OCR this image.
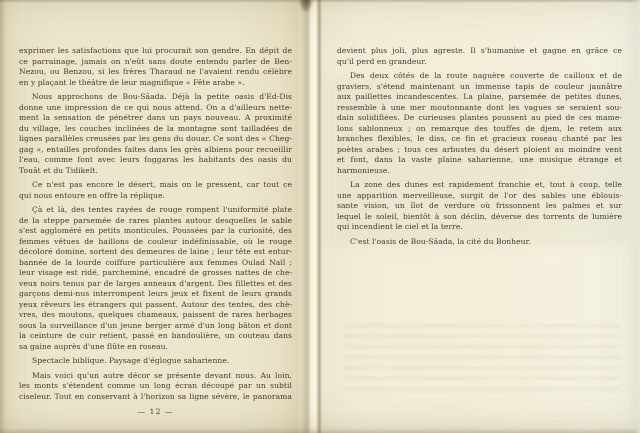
exprimer les satisfactions que lui procurait son gendre. En dépit de
ce parrainage, jamais on n'eût sans doute entendu parler de Ben-
Nezou, ou Benzou, si les frères Tharaud ne l'avaient rendu célèbre
en y plaçant le théâtre de leur magnifique « Fête arabe ».

Nous approchons de Bou-Sâada. Déjà la petite oasis d'Ed-Dis
donne une impression de ce qui nous attend. On a d'ailleurs nette-
ment la sensation de pénétrer dans un pays nouveau. A proximité
du village, les couches inclinées de la montagne sont tailladées de
lignes parallèles creusées par les gens du douar. Ce sont des « Cheg-
gag », entailles profondes faites dans les grès albiens pour recueillir
l'eau, comme font avec leurs foggaras les habitants des oasis du
Touât et du Tidikelt.

Ce n'est pas encore le désert, mais on le pressent, car tout ce
qui nous entoure en offre la réplique.

Çà et là, des tentes rayées de rouge rompent l'uniformité plate
de la steppe parsemée de rares plantes autour desquelles le sable
s'est aggloméré en petits monticules. Poussées par la curiosité, des
femmes vêtues de haillons de couleur indéfinissable, où le rouge
décoloré domine, sortent des demeures de laine ; leur tête est entur-
bannée de la lourde coiffure particulière aux femmes Oulad Naïl ;
leur visage est ridé, parcheminé, encadré de grosses nattes de che-
veux noirs tenus par de larges anneaux d'argent. Des fillettes et des
garçons demi-nus interrompent leurs jeux et fixent de leurs grands
yeux rêveurs les étrangers qui passent. Autour des tentes, des chè-
vres, des moutons, quelques chameaux, paissent de rares herbages
sous la surveillance d'un jeune berger armé d'un long bâton et dont
la ceinture de cuir retient, passé en bandoulière, un couteau dans
sa gaine auprès d'une flûte en roseau.

Spectacle biblique. Paysage d'églogue saharienne.

Mais voici qu'un autre décor se présente devant nous. Au loin,
les monts s'étendent comme un long écran découpé par un subtil
ciseleur. Tout en conservant à l'horizon sa ligne sévère, le panorama

— 12 —

devient plus joli, plus agreste. Il s'humanise et gagne en grâce ce
qu'il perd en grandeur.

Des deux côtés de la route naguère couverte de cailloux et de
graviers, s'étend maintenant un immense tapis de couleur jaunâtre
aux paillettes incandescentes. La plaine, parsemée de petites dunes,
ressemble à une mer moutonnante dont les vagues se seraient sou-
dain solidifiées. De curieuses plantes poussent au pied de ces mame-
lons sablonneux ; on remarque des touffes de djem, le retem aux
branches flexibles, le diss, ce fin et gracieux roseau chanté par les
poètes arabes ; tous ces arbustes du désert ploient au moindre vent
et font, dans la vaste plaine saharienne, une musique étrange et
harmonieuse.

La zone des dunes est rapidement franchie et, tout à coup, telle
une apparition merveilleuse, surgit de l'or des sables une éblouis-
sante vision, un îlot de verdure où frissonnent les palmes et sur
lequel le soleil, bientôt à son déclin, déverse des torrents de lumière
qui incendient le ciel et la terre.

C'est l'oasis de Bou-Sâada, la cité du Bonheur.
